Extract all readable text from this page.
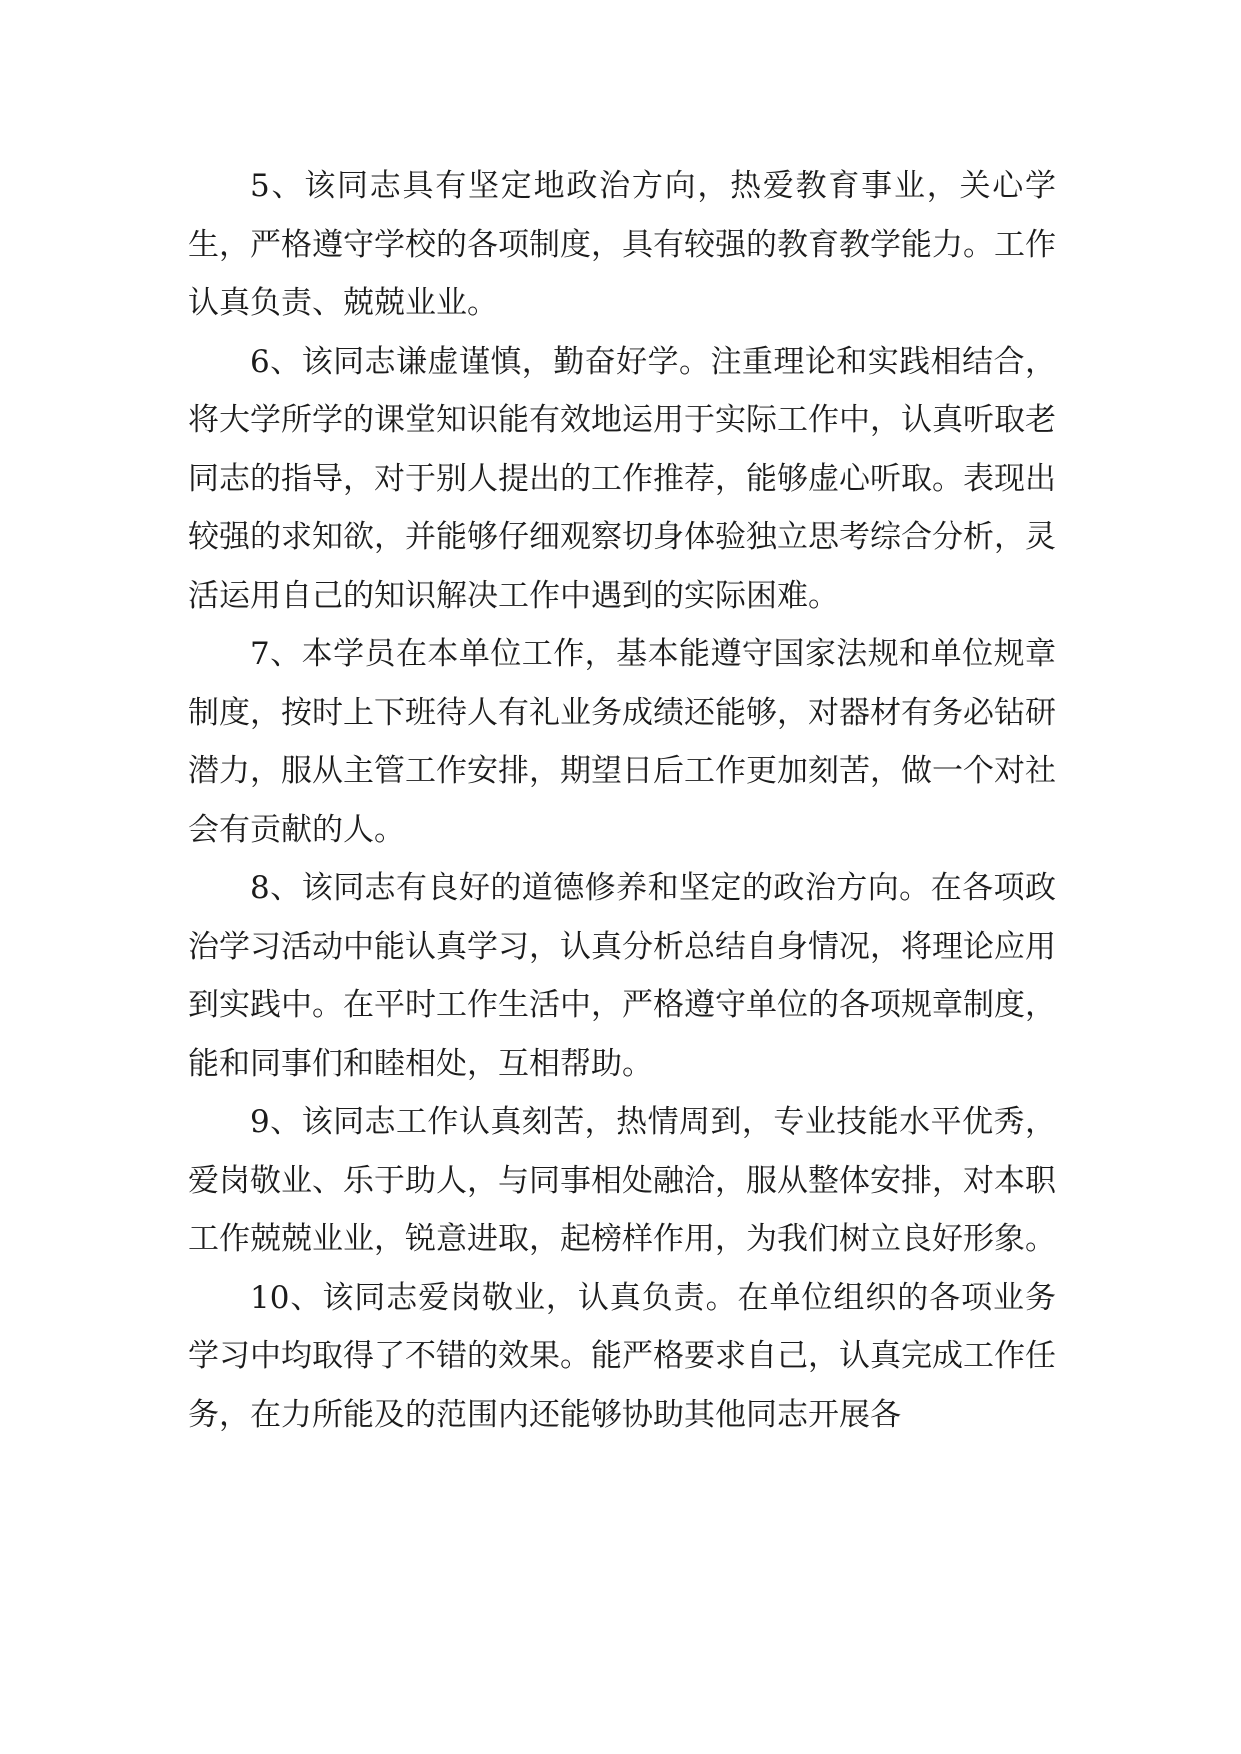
5、该同志具有坚定地政治方向，热爱教育事业，关心学生，严格遵守学校的各项制度，具有较强的教育教学能力。工作认真负责、兢兢业业。

6、该同志谦虚谨慎，勤奋好学。注重理论和实践相结合，将大学所学的课堂知识能有效地运用于实际工作中，认真听取老同志的指导，对于别人提出的工作推荐，能够虚心听取。表现出较强的求知欲，并能够仔细观察切身体验独立思考综合分析，灵活运用自己的知识解决工作中遇到的实际困难。

7、本学员在本单位工作，基本能遵守国家法规和单位规章制度，按时上下班待人有礼业务成绩还能够，对器材有务必钻研潜力，服从主管工作安排，期望日后工作更加刻苦，做一个对社会有贡献的人。

8、该同志有良好的道德修养和坚定的政治方向。在各项政治学习活动中能认真学习，认真分析总结自身情况，将理论应用到实践中。在平时工作生活中，严格遵守单位的各项规章制度，能和同事们和睦相处，互相帮助。

9、该同志工作认真刻苦，热情周到，专业技能水平优秀，爱岗敬业、乐于助人，与同事相处融洽，服从整体安排，对本职工作兢兢业业，锐意进取，起榜样作用，为我们树立良好形象。

10、该同志爱岗敬业，认真负责。在单位组织的各项业务学习中均取得了不错的效果。能严格要求自己，认真完成工作任务，在力所能及的范围内还能够协助其他同志开展各
